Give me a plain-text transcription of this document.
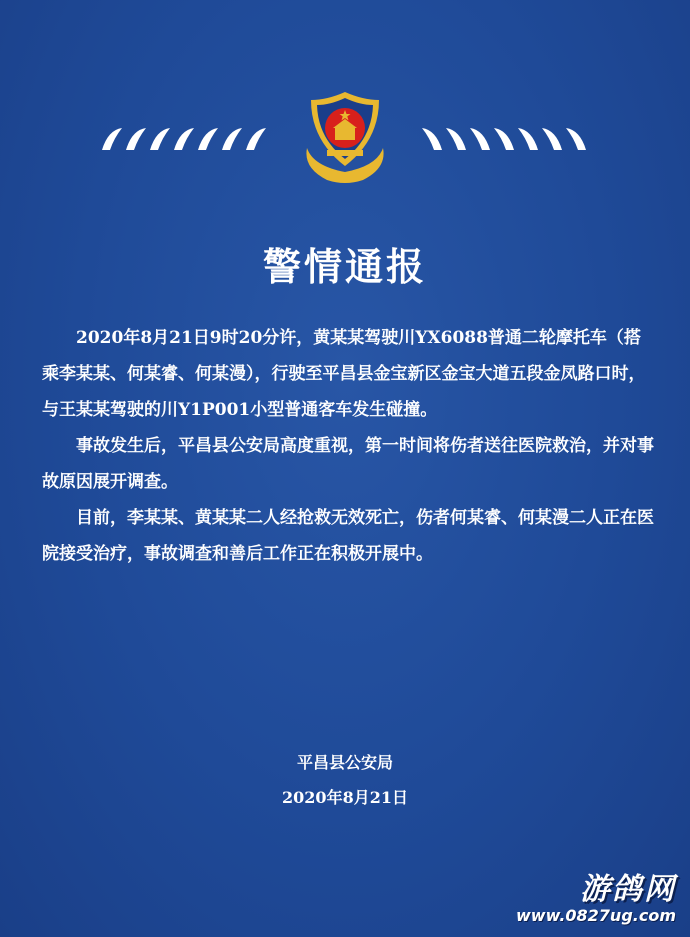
警情通报

2020年8月21日9时20分许，黄某某驾驶川YX6088普通二轮摩托车（搭乘李某某、何某睿、何某漫），行驶至平昌县金宝新区金宝大道五段金凤路口时，与王某某驾驶的川Y1P001小型普通客车发生碰撞。

事故发生后，平昌县公安局高度重视，第一时间将伤者送往医院救治，并对事故原因展开调查。

目前，李某某、黄某某二人经抢救无效死亡，伤者何某睿、何某漫二人正在医院接受治疗，事故调查和善后工作正在积极开展中。

平昌县公安局
2020年8月21日
游鸽网
www.0827ug.com
